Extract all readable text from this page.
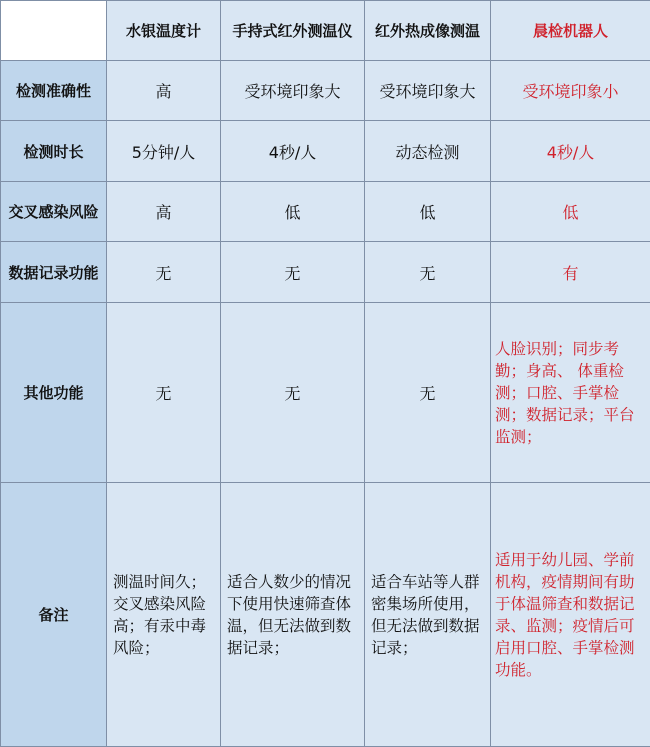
	水银温度计	手持式红外测温仪	红外热成像测温	晨检机器人
检测准确性	高	受环境印象大	受环境印象大	受环境印象小
检测时长	5分钟/人	4秒/人	动态检测	4秒/人
交叉感染风险	高	低	低	低
数据记录功能	无	无	无	有
其他功能	无	无	无	人脸识别；同步考勤；身高、 体重检测；口腔、手掌检测；数据记录；平台监测；
备注	测温时间久；交叉感染风险高；有汞中毒风险；	适合人数少的情况下使用快速筛查体温，但无法做到数据记录；	适合车站等人群密集场所使用，但无法做到数据记录；	适用于幼儿园、学前机构，疫情期间有助于体温筛查和数据记录、监测；疫情后可启用口腔、手掌检测功能。
